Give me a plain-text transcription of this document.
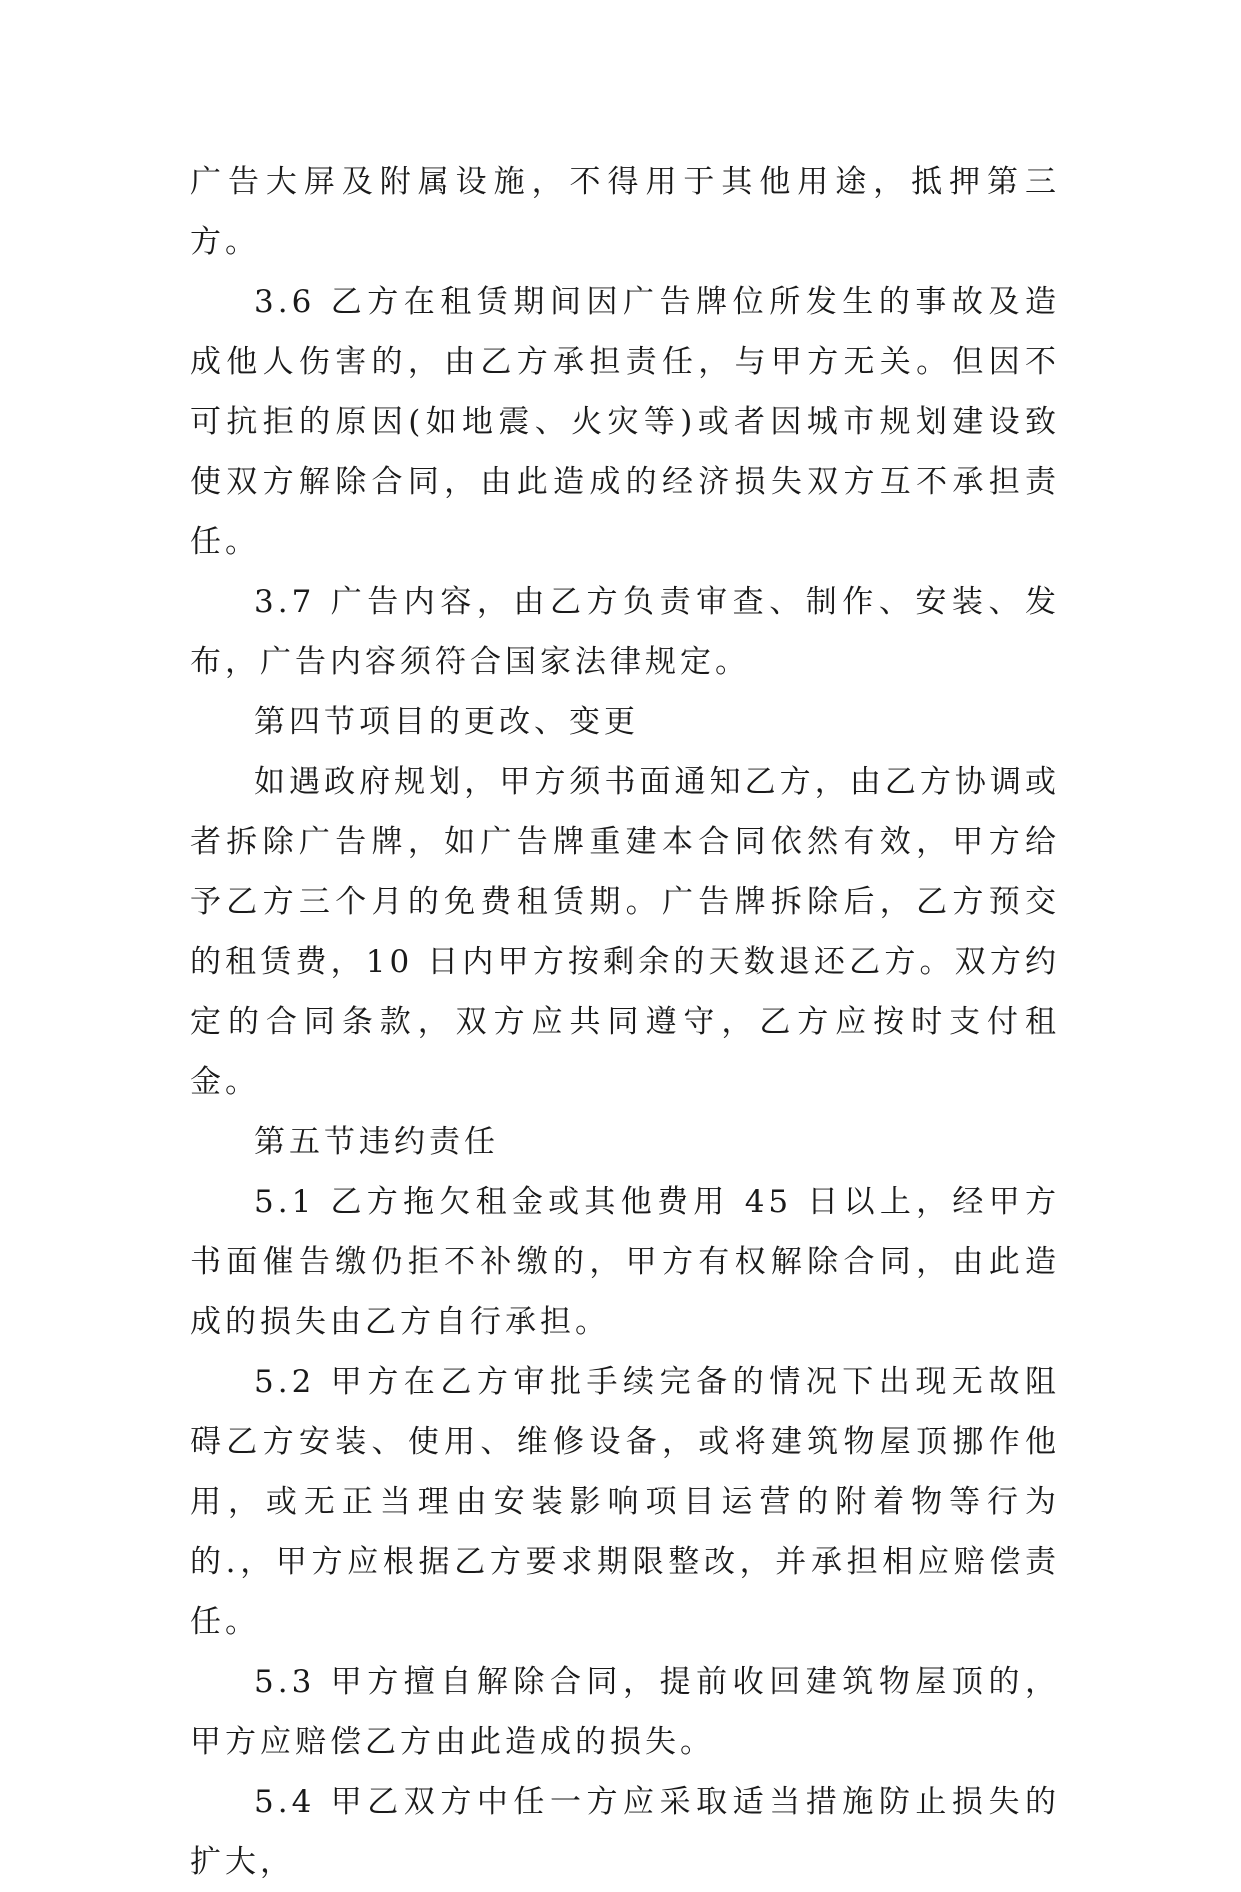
广告大屏及附属设施，不得用于其他用途，抵押第三方。

3.6 乙方在租赁期间因广告牌位所发生的事故及造成他人伤害的，由乙方承担责任，与甲方无关。但因不可抗拒的原因(如地震、火灾等)或者因城市规划建设致使双方解除合同，由此造成的经济损失双方互不承担责任。

3.7 广告内容，由乙方负责审查、制作、安装、发布，广告内容须符合国家法律规定。

第四节项目的更改、变更

如遇政府规划，甲方须书面通知乙方，由乙方协调或者拆除广告牌，如广告牌重建本合同依然有效，甲方给予乙方三个月的免费租赁期。广告牌拆除后，乙方预交的租赁费，10 日内甲方按剩余的天数退还乙方。双方约定的合同条款，双方应共同遵守，乙方应按时支付租金。

第五节违约责任

5.1 乙方拖欠租金或其他费用 45 日以上，经甲方书面催告缴仍拒不补缴的，甲方有权解除合同，由此造成的损失由乙方自行承担。

5.2 甲方在乙方审批手续完备的情况下出现无故阻碍乙方安装、使用、维修设备，或将建筑物屋顶挪作他用，或无正当理由安装影响项目运营的附着物等行为的.，甲方应根据乙方要求期限整改，并承担相应赔偿责任。

5.3 甲方擅自解除合同，提前收回建筑物屋顶的，甲方应赔偿乙方由此造成的损失。

5.4 甲乙双方中任一方应采取适当措施防止损失的扩大，
